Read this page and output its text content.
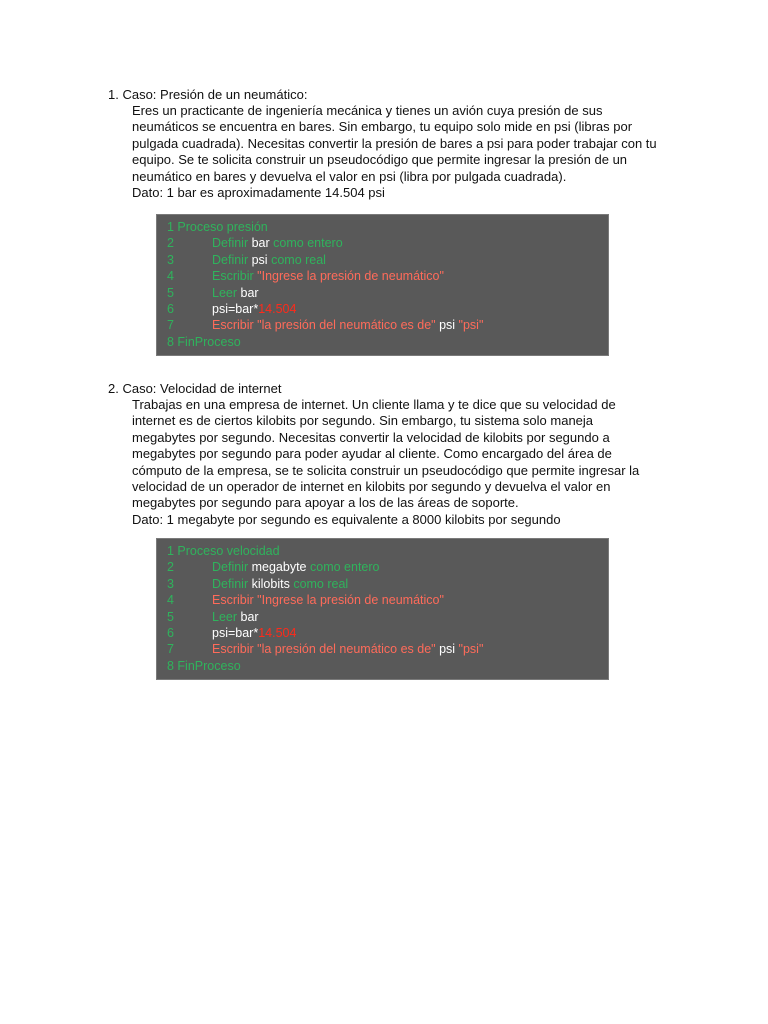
1. Caso: Presión de un neumático:

Eres un practicante de ingeniería mecánica y tienes un avión cuya presión de sus

neumáticos se encuentra en bares. Sin embargo, tu equipo solo mide en psi (libras por

pulgada cuadrada). Necesitas convertir la presión de bares a psi para poder trabajar con tu

equipo. Se te solicita construir un pseudocódigo que permite ingresar la presión de un

neumático en bares y devuelva el valor en psi (libra por pulgada cuadrada).

Dato: 1 bar es aproximadamente 14.504 psi

1 Proceso presión
2	Definir bar como entero
3	Definir psi como real
4	Escribir "Ingrese la presión de neumático"
5	Leer bar
6	psi=bar*14.504
7	Escribir "la presión del neumático es de" psi "psi"
8 FinProceso
2. Caso: Velocidad de internet

Trabajas en una empresa de internet. Un cliente llama y te dice que su velocidad de

internet es de ciertos kilobits por segundo. Sin embargo, tu sistema solo maneja

megabytes por segundo. Necesitas convertir la velocidad de kilobits por segundo a

megabytes por segundo para poder ayudar al cliente. Como encargado del área de

cómputo de la empresa, se te solicita construir un pseudocódigo que permite ingresar la

velocidad de un operador de internet en kilobits por segundo y devuelva el valor en

megabytes por segundo para apoyar a los de las áreas de soporte.

Dato: 1 megabyte por segundo es equivalente a 8000 kilobits por segundo

1 Proceso velocidad
2	Definir megabyte como entero
3	Definir kilobits como real
4	Escribir "Ingrese la presión de neumático"
5	Leer bar
6	psi=bar*14.504
7	Escribir "la presión del neumático es de" psi "psi"
8 FinProceso
